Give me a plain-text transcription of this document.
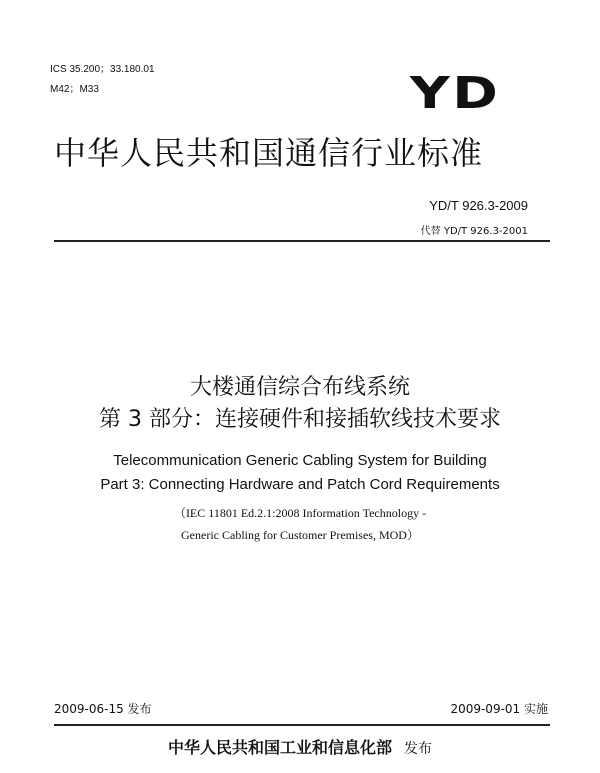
ICS 35.200；33.180.01
M42；M33	YD
中华人民共和国通信行业标准
YD/T 926.3-2009
代替 YD/T 926.3-2001
大楼通信综合布线系统
第 3 部分：连接硬件和接插软线技术要求
Telecommunication Generic Cabling System for Building
Part 3: Connecting Hardware and Patch Cord Requirements
（IEC 11801 Ed.2.1:2008 Information Technology -
Generic Cabling for Customer Premises, MOD）
2009-06-15 发布	2009-09-01 实施
中华人民共和国工业和信息化部 发布
